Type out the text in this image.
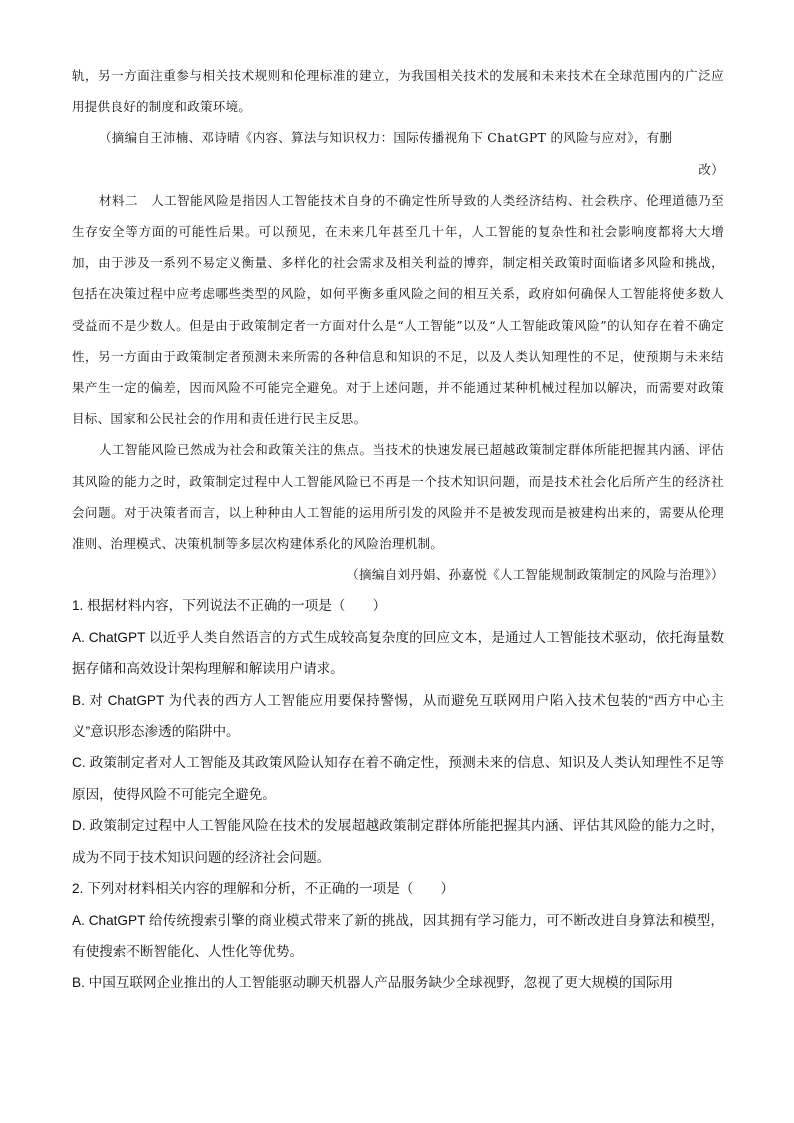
轨，另一方面注重参与相关技术规则和伦理标准的建立，为我国相关技术的发展和未来技术在全球范围内的广泛应用提供良好的制度和政策环境。

（摘编自王沛楠、邓诗晴《内容、算法与知识权力：国际传播视角下 ChatGPT 的风险与应对》，有删

改）

材料二　人工智能风险是指因人工智能技术自身的不确定性所导致的人类经济结构、社会秩序、伦理道德乃至生存安全等方面的可能性后果。可以预见，在未来几年甚至几十年，人工智能的复杂性和社会影响度都将大大增加，由于涉及一系列不易定义衡量、多样化的社会需求及相关利益的博弈，制定相关政策时面临诸多风险和挑战，包括在决策过程中应考虑哪些类型的风险，如何平衡多重风险之间的相互关系，政府如何确保人工智能将使多数人受益而不是少数人。但是由于政策制定者一方面对什么是“人工智能”以及“人工智能政策风险”的认知存在着不确定性，另一方面由于政策制定者预测未来所需的各种信息和知识的不足，以及人类认知理性的不足，使预期与未来结果产生一定的偏差，因而风险不可能完全避免。对于上述问题，并不能通过某种机械过程加以解决，而需要对政策目标、国家和公民社会的作用和责任进行民主反思。

人工智能风险已然成为社会和政策关注的焦点。当技术的快速发展已超越政策制定群体所能把握其内涵、评估其风险的能力之时，政策制定过程中人工智能风险已不再是一个技术知识问题，而是技术社会化后所产生的经济社会问题。对于决策者而言，以上种种由人工智能的运用所引发的风险并不是被发现而是被建构出来的，需要从伦理准则、治理模式、决策机制等多层次构建体系化的风险治理机制。

（摘编自刘丹娟、孙嘉悦《人工智能规制政策制定的风险与治理》）

1. 根据材料内容，下列说法不正确的一项是（　　）

A. ChatGPT 以近乎人类自然语言的方式生成较高复杂度的回应文本，是通过人工智能技术驱动，依托海量数据存储和高效设计架构理解和解读用户请求。

B. 对 ChatGPT 为代表的西方人工智能应用要保持警惕，从而避免互联网用户陷入技术包装的“西方中心主义”意识形态渗透的陷阱中。

C. 政策制定者对人工智能及其政策风险认知存在着不确定性，预测未来的信息、知识及人类认知理性不足等原因，使得风险不可能完全避免。

D. 政策制定过程中人工智能风险在技术的发展超越政策制定群体所能把握其内涵、评估其风险的能力之时，成为不同于技术知识问题的经济社会问题。

2. 下列对材料相关内容的理解和分析，不正确的一项是（　　）

A. ChatGPT 给传统搜索引擎的商业模式带来了新的挑战，因其拥有学习能力，可不断改进自身算法和模型，有使搜索不断智能化、人性化等优势。

B. 中国互联网企业推出的人工智能驱动聊天机器人产品服务缺少全球视野，忽视了更大规模的国际用
